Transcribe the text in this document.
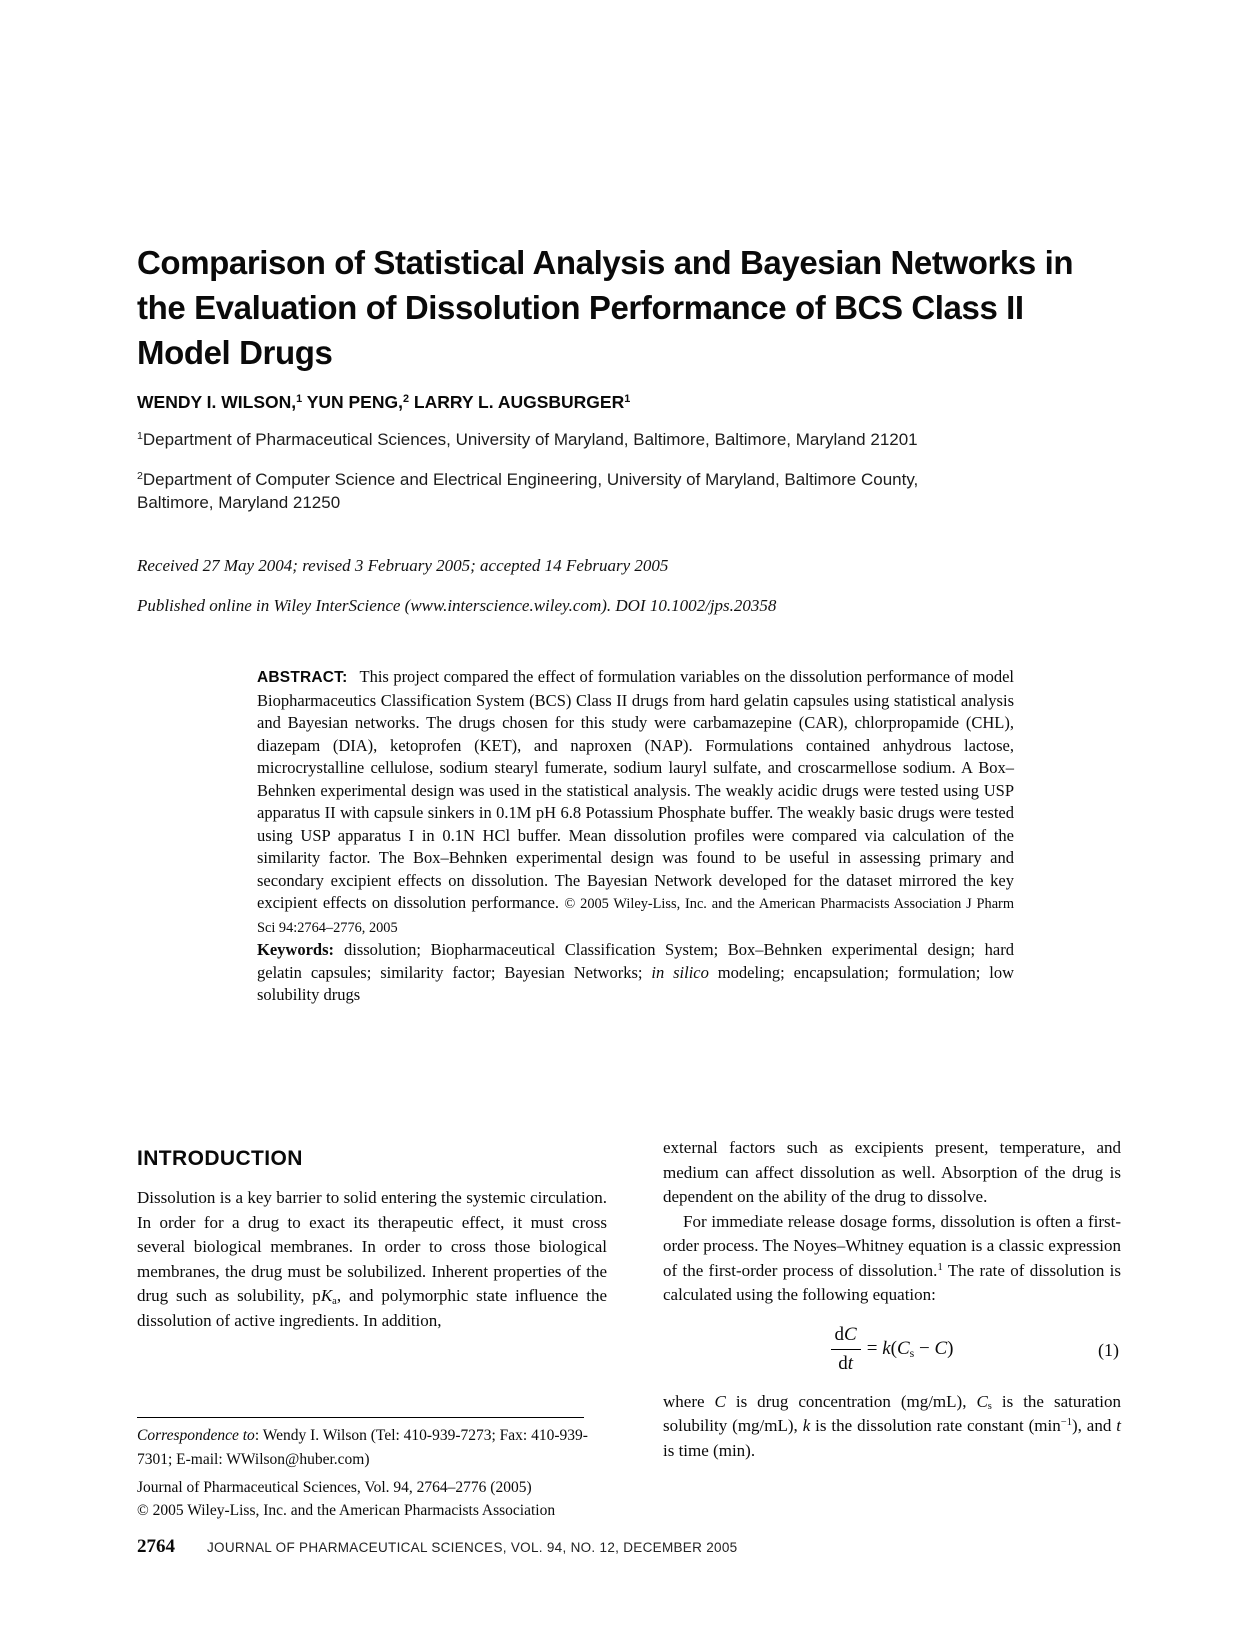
Comparison of Statistical Analysis and Bayesian Networks in the Evaluation of Dissolution Performance of BCS Class II Model Drugs
WENDY I. WILSON,$^1$ YUN PENG,$^2$ LARRY L. AUGSBURGER$^1$
$^1$Department of Pharmaceutical Sciences, University of Maryland, Baltimore, Baltimore, Maryland 21201
$^2$Department of Computer Science and Electrical Engineering, University of Maryland, Baltimore County, Baltimore, Maryland 21250
Received 27 May 2004; revised 3 February 2005; accepted 14 February 2005
Published online in Wiley InterScience (www.interscience.wiley.com). DOI 10.1002/jps.20358

ABSTRACT: This project compared the effect of formulation variables on the dissolution performance of model Biopharmaceutics Classification System (BCS) Class II drugs from hard gelatin capsules using statistical analysis and Bayesian networks. The drugs chosen for this study were carbamazepine (CAR), chlorpropamide (CHL), diazepam (DIA), ketoprofen (KET), and naproxen (NAP). Formulations contained anhydrous lactose, microcrystalline cellulose, sodium stearyl fumerate, sodium lauryl sulfate, and croscarmellose sodium. A Box–Behnken experimental design was used in the statistical analysis. The weakly acidic drugs were tested using USP apparatus II with capsule sinkers in 0.1M pH 6.8 Potassium Phosphate buffer. The weakly basic drugs were tested using USP apparatus I in 0.1N HCl buffer. Mean dissolution profiles were compared via calculation of the similarity factor. The Box–Behnken experimental design was found to be useful in assessing primary and secondary excipient effects on dissolution. The Bayesian Network developed for the dataset mirrored the key excipient effects on dissolution performance. © 2005 Wiley-Liss, Inc. and the American Pharmacists Association J Pharm Sci 94:2764–2776, 2005

Keywords: dissolution; Biopharmaceutical Classification System; Box–Behnken experimental design; hard gelatin capsules; similarity factor; Bayesian Networks; in silico modeling; encapsulation; formulation; low solubility drugs

INTRODUCTION

Dissolution is a key barrier to solid entering the systemic circulation. In order for a drug to exact its therapeutic effect, it must cross several biological membranes. In order to cross those biological membranes, the drug must be solubilized. Inherent properties of the drug such as solubility, $pK_a$, and polymorphic state influence the dissolution of active ingredients. In addition,

external factors such as excipients present, temperature, and medium can affect dissolution as well. Absorption of the drug is dependent on the ability of the drug to dissolve.

For immediate release dosage forms, dissolution is often a first-order process. The Noyes–Whitney equation is a classic expression of the first-order process of dissolution.$^1$ The rate of dissolution is calculated using the following equation:

$\frac{dC}{dt} = k(C_s - C)$	(1)

where C is drug concentration (mg/mL), $C_s$ is the saturation solubility (mg/mL), k is the dissolution rate constant $(\min^{-1})$, and t is time (min).

Correspondence to: Wendy I. Wilson (Tel: 410-939-7273; Fax: 410-939-7301; E-mail: WWilson@huber.com)

Journal of Pharmaceutical Sciences, Vol. 94, 2764–2776 (2005)

© 2005 Wiley-Liss, Inc. and the American Pharmacists Association

2764 JOURNAL OF PHARMACEUTICAL SCIENCES, VOL. 94, NO. 12, DECEMBER 2005
